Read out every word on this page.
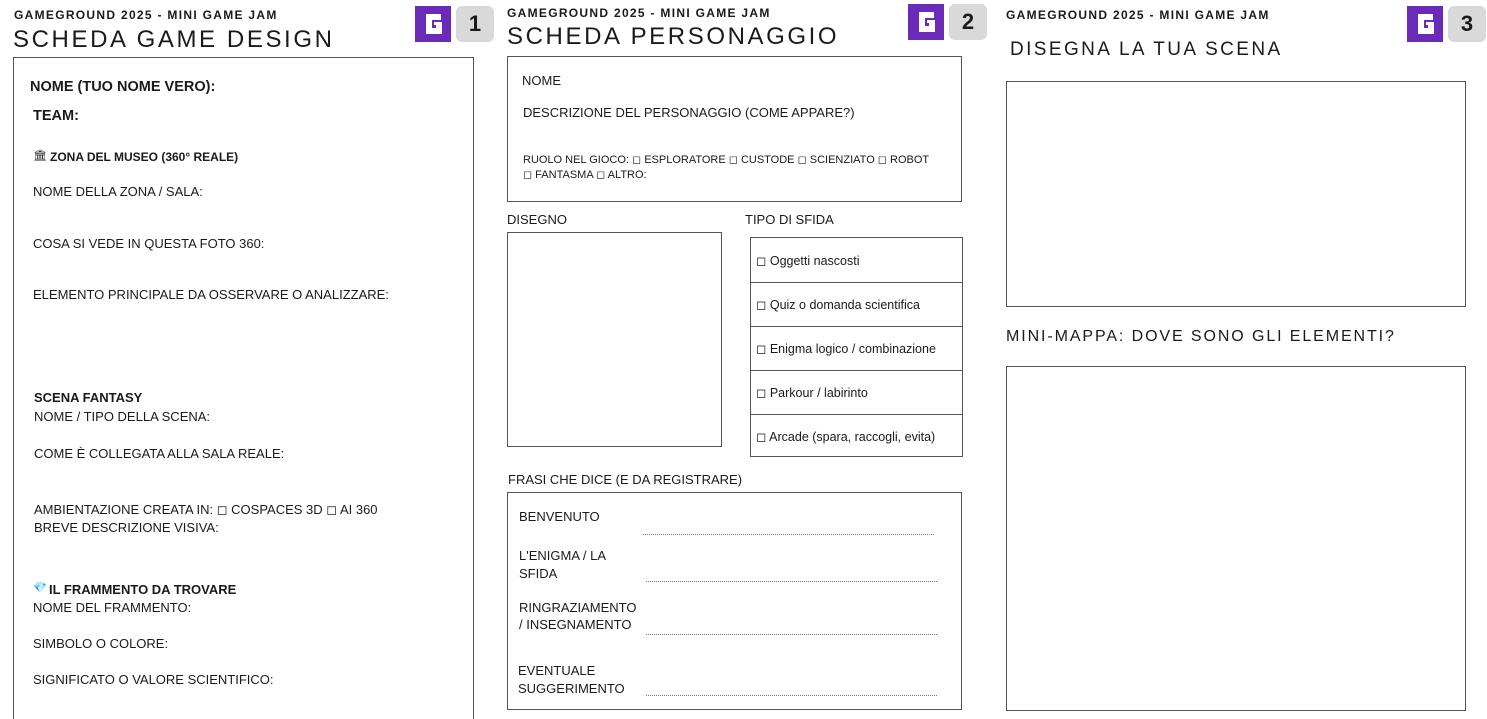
GAMEGROUND 2025 - MINI GAME JAM
SCHEDA GAME DESIGN
1
NOME (TUO NOME VERO):
TEAM:
🏛 ZONA DEL MUSEO (360° REALE)
NOME DELLA ZONA / SALA:
COSA SI VEDE IN QUESTA FOTO 360:
ELEMENTO PRINCIPALE DA OSSERVARE O ANALIZZARE:
SCENA FANTASY
NOME / TIPO DELLA SCENA:
COME È COLLEGATA ALLA SALA REALE:
AMBIENTAZIONE CREATA IN: ◻ COSPACES 3D ◻ AI 360
BREVE DESCRIZIONE VISIVA:
💎 IL FRAMMENTO DA TROVARE
NOME DEL FRAMMENTO:
SIMBOLO O COLORE:
SIGNIFICATO O VALORE SCIENTIFICO:
GAMEGROUND 2025 - MINI GAME JAM
SCHEDA PERSONAGGIO
2
NOME
DESCRIZIONE DEL PERSONAGGIO (COME APPARE?)
RUOLO NEL GIOCO: ◻ ESPLORATORE ◻ CUSTODE ◻ SCIENZIATO ◻ ROBOT
◻ FANTASMA ◻ ALTRO:
DISEGNO	TIPO DI SFIDA
◻ Oggetti nascosti
◻ Quiz o domanda scientifica
◻ Enigma logico / combinazione
◻ Parkour / labirinto
◻ Arcade (spara, raccogli, evita)
FRASI CHE DICE (E DA REGISTRARE)
BENVENUTO
L'ENIGMA / LA
SFIDA
RINGRAZIAMENTO
/ INSEGNAMENTO
EVENTUALE
SUGGERIMENTO
GAMEGROUND 2025 - MINI GAME JAM
DISEGNA LA TUA SCENA
3
MINI-MAPPA: DOVE SONO GLI ELEMENTI?
